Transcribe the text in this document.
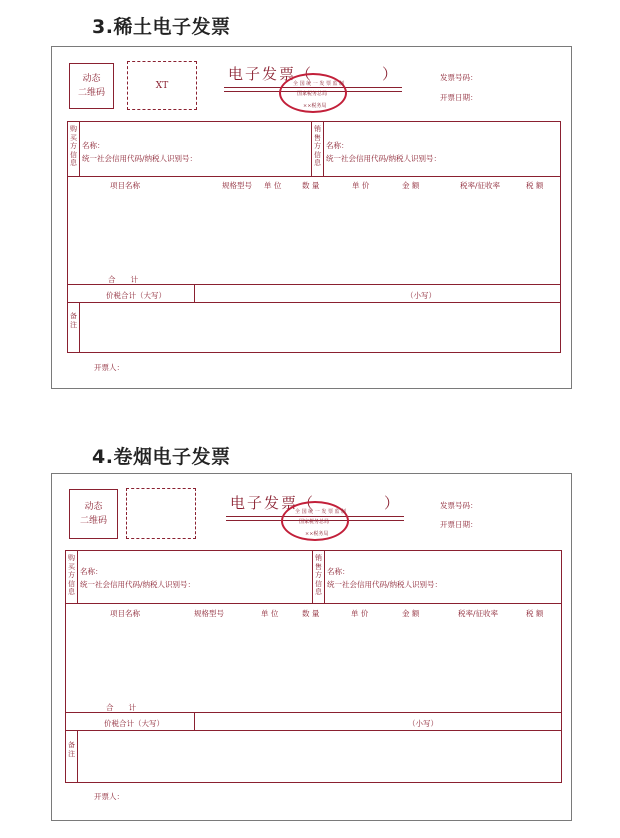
3.稀土电子发票
动态
二维码
XT
电子发票（	）
全 国 统 一 发 票 监 制
国家税务总局
××税务局
发票号码：
开票日期：
购买方信息
名称：
统一社会信用代码/纳税人识别号：
销售方信息
名称：
统一社会信用代码/纳税人识别号：
项目名称	规格型号 单 位	数 量	单 价	金 额	税率/征收率	税 额
合　　计
价税合计（大写）	（小写）
备注
开票人：
4.卷烟电子发票
动态
二维码
电子发票（	）
全 国 统 一 发 票 监 制
国家税务总局
××税务局
发票号码：
开票日期：
购买方信息
名称：
统一社会信用代码/纳税人识别号：
销售方信息
名称：
统一社会信用代码/纳税人识别号：
项目名称	规格型号	单 位	数 量	单 价	金 额	税率/征收率	税 额
合　　计
价税合计（大写）	（小写）
备注
开票人：
